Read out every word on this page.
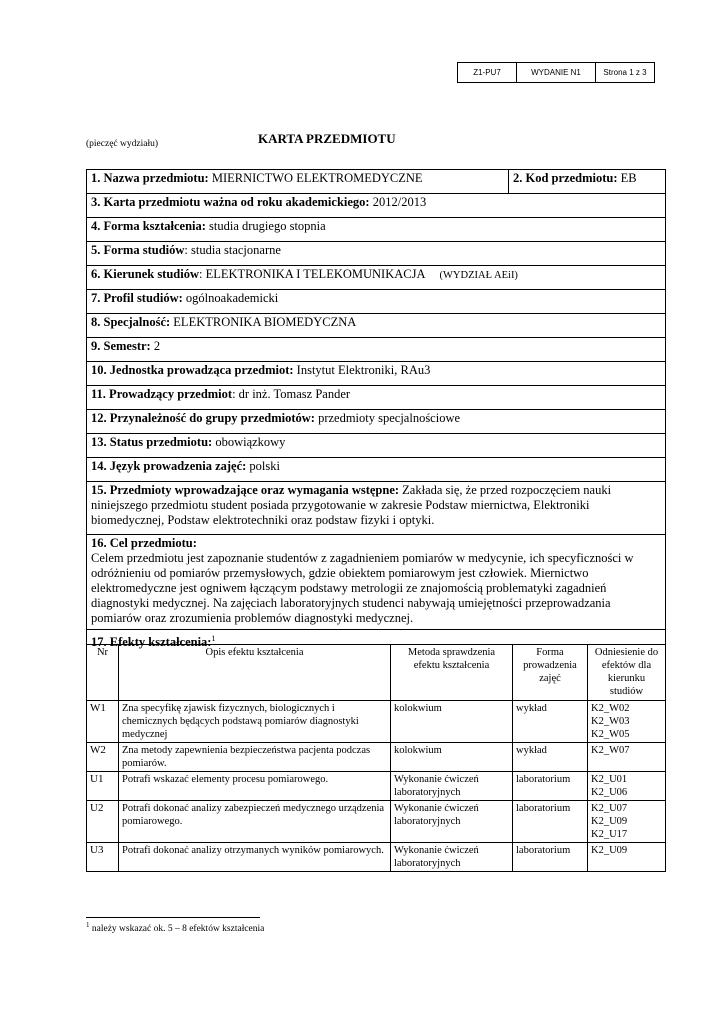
Z1-PU7	WYDANIE N1	Strona 1 z 3
(pieczęć wydziału)	KARTA PRZEDMIOTU
1. Nazwa przedmiotu: MIERNICTWO ELEKTROMEDYCZNE	2. Kod przedmiotu: EB
3. Karta przedmiotu ważna od roku akademickiego: 2012/2013
4. Forma kształcenia: studia drugiego stopnia
5. Forma studiów: studia stacjonarne
6. Kierunek studiów: ELEKTRONIKA I TELEKOMUNIKACJA (WYDZIAŁ AEiI)
7. Profil studiów: ogólnoakademicki
8. Specjalność: ELEKTRONIKA BIOMEDYCZNA
9. Semestr: 2
10. Jednostka prowadząca przedmiot: Instytut Elektroniki, RAu3
11. Prowadzący przedmiot: dr inż. Tomasz Pander
12. Przynależność do grupy przedmiotów: przedmioty specjalnościowe
13. Status przedmiotu: obowiązkowy
14. Język prowadzenia zajęć: polski
15. Przedmioty wprowadzające oraz wymagania wstępne: Zakłada się, że przed rozpoczęciem nauki niniejszego przedmiotu student posiada przygotowanie w zakresie Podstaw miernictwa, Elektroniki biomedycznej, Podstaw elektrotechniki oraz podstaw fizyki i optyki.

16. Cel przedmiotu:
Celem przedmiotu jest zapoznanie studentów z zagadnieniem pomiarów w medycynie, ich specyficzności w odróżnieniu od pomiarów przemysłowych, gdzie obiektem pomiarowym jest człowiek. Miernictwo elektromedyczne jest ogniwem łączącym podstawy metrologii ze znajomością problematyki zagadnień diagnostyki medycznej. Na zajęciach laboratoryjnych studenci nabywają umiejętności przeprowadzania pomiarów oraz zrozumienia problemów diagnostyki medycznej.

17. Efekty kształcenia:$^1$
Nr	Opis efektu kształcenia	Metoda sprawdzenia efektu kształcenia	Forma prowadzenia zajęć	Odniesienie do efektów dla kierunku studiów
W1	Zna specyfikę zjawisk fizycznych, biologicznych i chemicznych będących podstawą pomiarów diagnostyki medycznej	kolokwium	wykład	K2_W02
K2_W03
K2_W05

W2	Zna metody zapewnienia bezpieczeństwa pacjenta podczas pomiarów.	kolokwium	wykład	K2_W07

U1	Potrafi wskazać elementy procesu pomiarowego.	Wykonanie ćwiczeń laboratoryjnych	laboratorium	K2_U01
K2_U06

U2	Potrafi dokonać analizy zabezpieczeń medycznego urządzenia pomiarowego.	Wykonanie ćwiczeń laboratoryjnych	laboratorium	K2_U07
K2_U09
K2_U17

U3	Potrafi dokonać analizy otrzymanych wyników pomiarowych.	Wykonanie ćwiczeń laboratoryjnych	laboratorium	K2_U09
$^1$ należy wskazać ok. 5 – 8 efektów kształcenia
